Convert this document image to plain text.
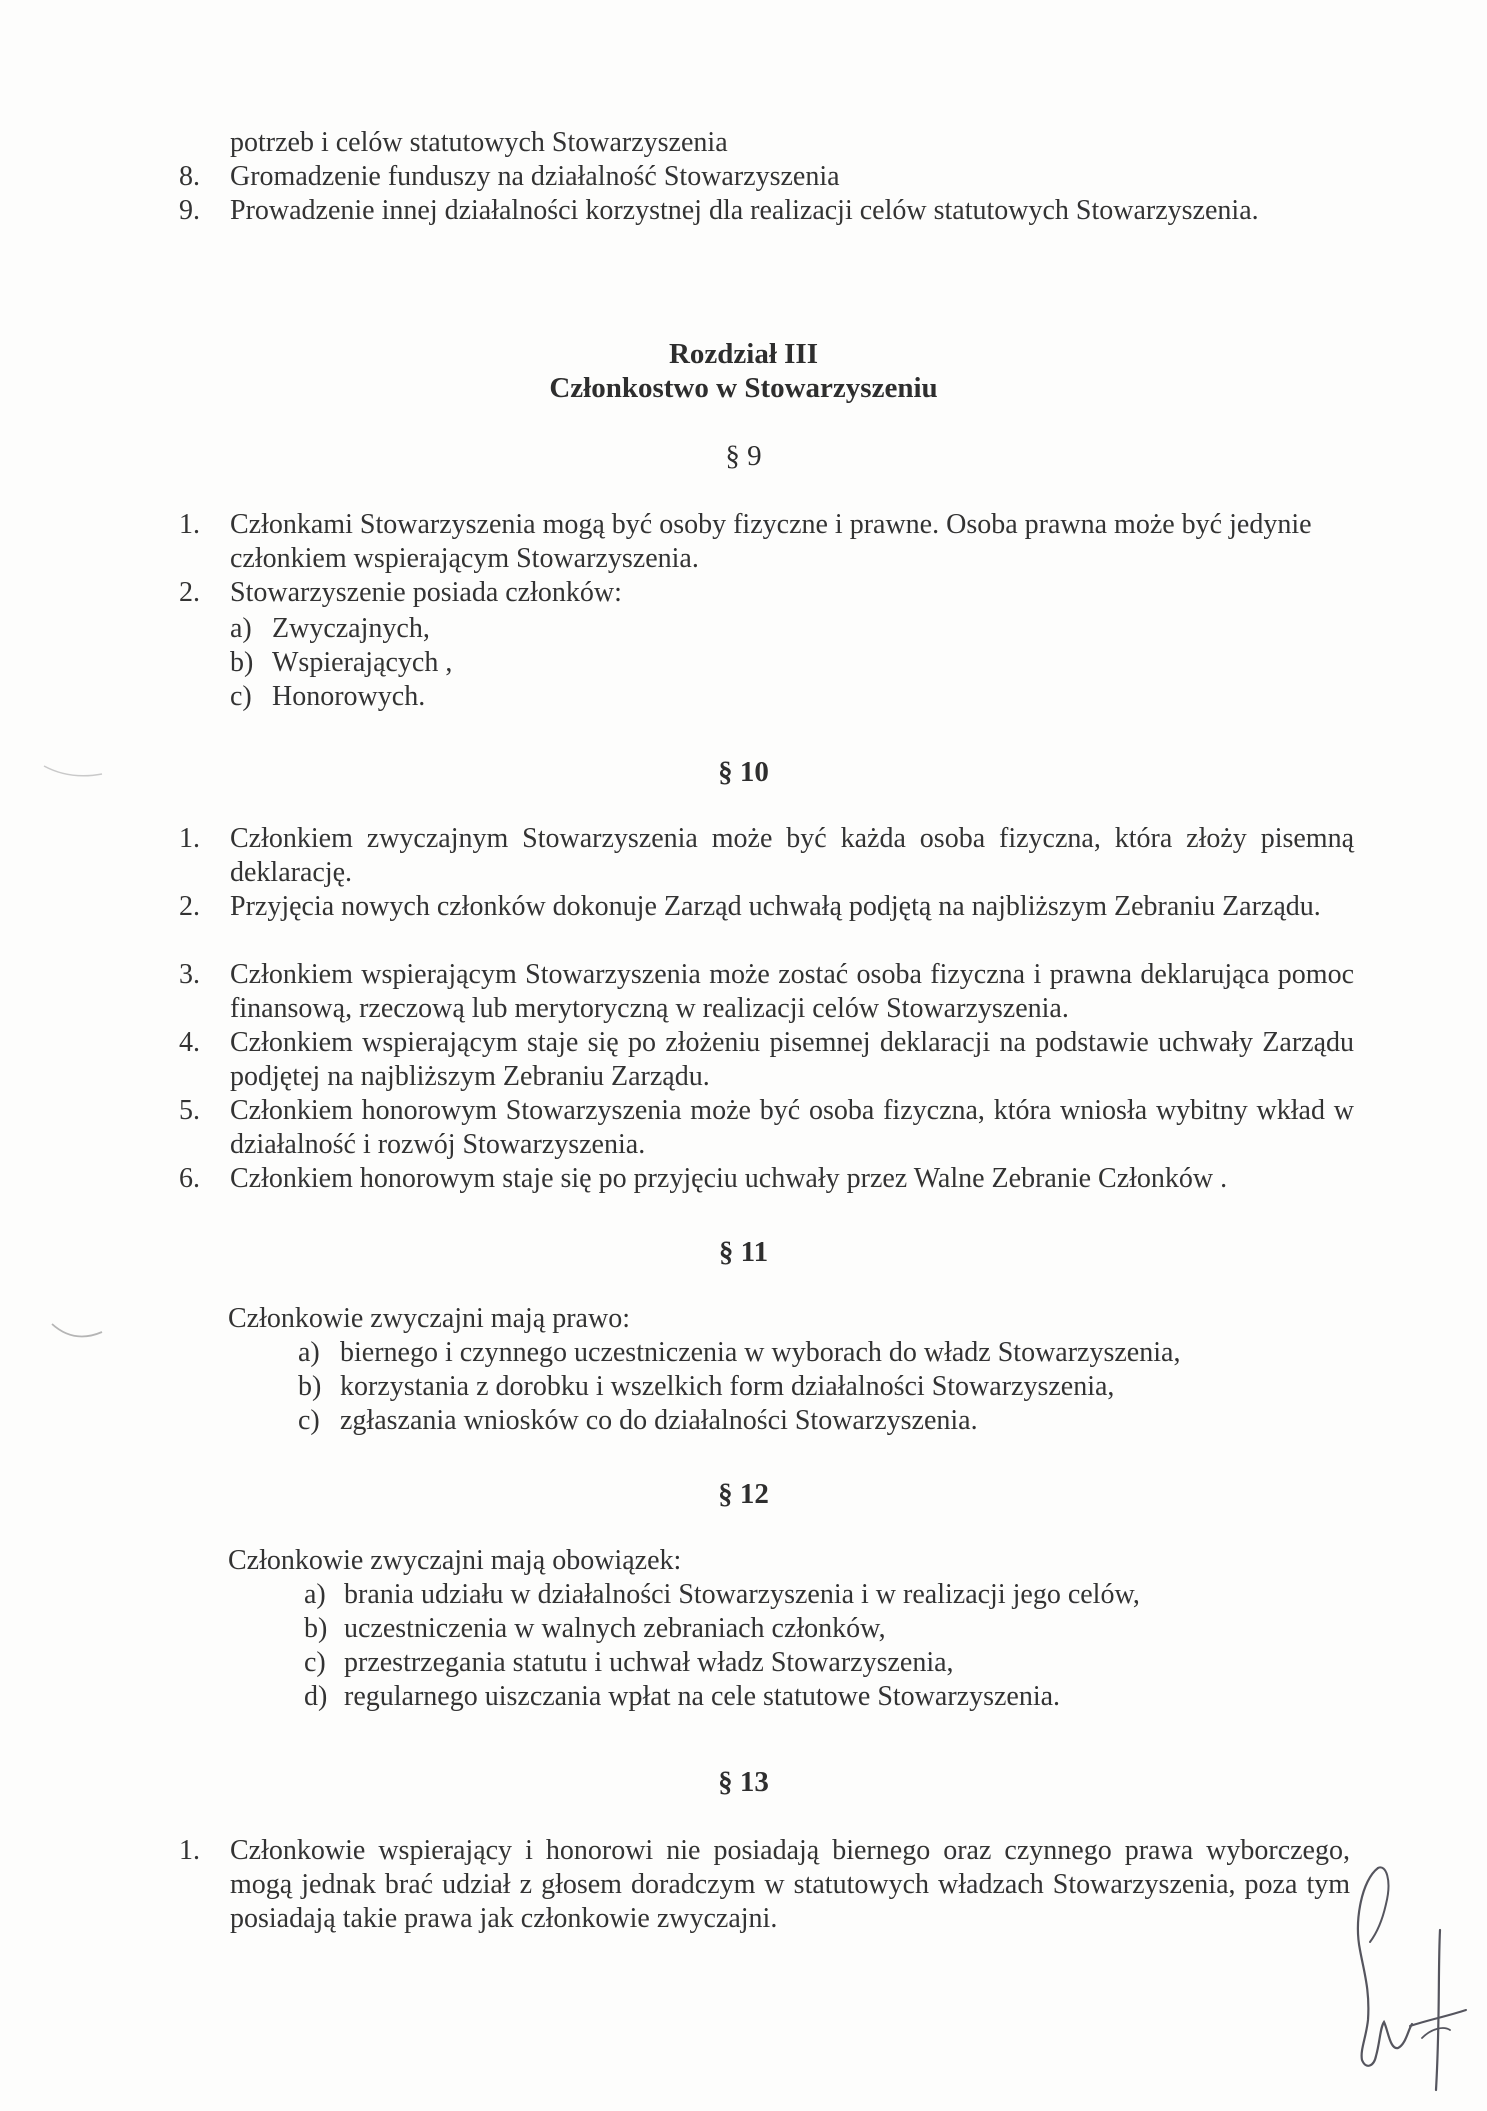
potrzeb i celów statutowych Stowarzyszenia

8. Gromadzenie funduszy na działalność Stowarzyszenia

9. Prowadzenie innej działalności korzystnej dla realizacji celów statutowych Stowarzyszenia.

Rozdział III
Członkostwo w Stowarzyszeniu
§ 9
1. Członkami Stowarzyszenia mogą być osoby fizyczne i prawne. Osoba prawna może być jedynie członkiem wspierającym Stowarzyszenia.
2. Stowarzyszenie posiada członków:

a) Zwyczajnych,
b) Wspierających ,
c) Honorowych.
§ 10
1. Członkiem zwyczajnym Stowarzyszenia może być każda osoba fizyczna, która złoży pisemną deklarację.
2. Przyjęcia nowych członków dokonuje Zarząd uchwałą podjętą na najbliższym Zebraniu Zarządu.
3. Członkiem wspierającym Stowarzyszenia może zostać osoba fizyczna i prawna deklarująca pomoc finansową, rzeczową lub merytoryczną w realizacji celów Stowarzyszenia.
4. Członkiem wspierającym staje się po złożeniu pisemnej deklaracji na podstawie uchwały Zarządu podjętej na najbliższym Zebraniu Zarządu.
5. Członkiem honorowym Stowarzyszenia może być osoba fizyczna, która wniosła wybitny wkład w działalność i rozwój Stowarzyszenia.
6. Członkiem honorowym staje się po przyjęciu uchwały przez Walne Zebranie Członków .

§ 11

Członkowie zwyczajni mają prawo:

a) biernego i czynnego uczestniczenia w wyborach do władz Stowarzyszenia,
b) korzystania z dorobku i wszelkich form działalności Stowarzyszenia,
c) zgłaszania wniosków co do działalności Stowarzyszenia.
§ 12

Członkowie zwyczajni mają obowiązek:

a) brania udziału w działalności Stowarzyszenia i w realizacji jego celów,
b) uczestniczenia w walnych zebraniach członków,
c) przestrzegania statutu i uchwał władz Stowarzyszenia,
d) regularnego uiszczania wpłat na cele statutowe Stowarzyszenia.
§ 13
1. Członkowie wspierający i honorowi nie posiadają biernego oraz czynnego prawa wyborczego, mogą jednak brać udział z głosem doradczym w statutowych władzach Stowarzyszenia, poza tym posiadają takie prawa jak członkowie zwyczajni.
